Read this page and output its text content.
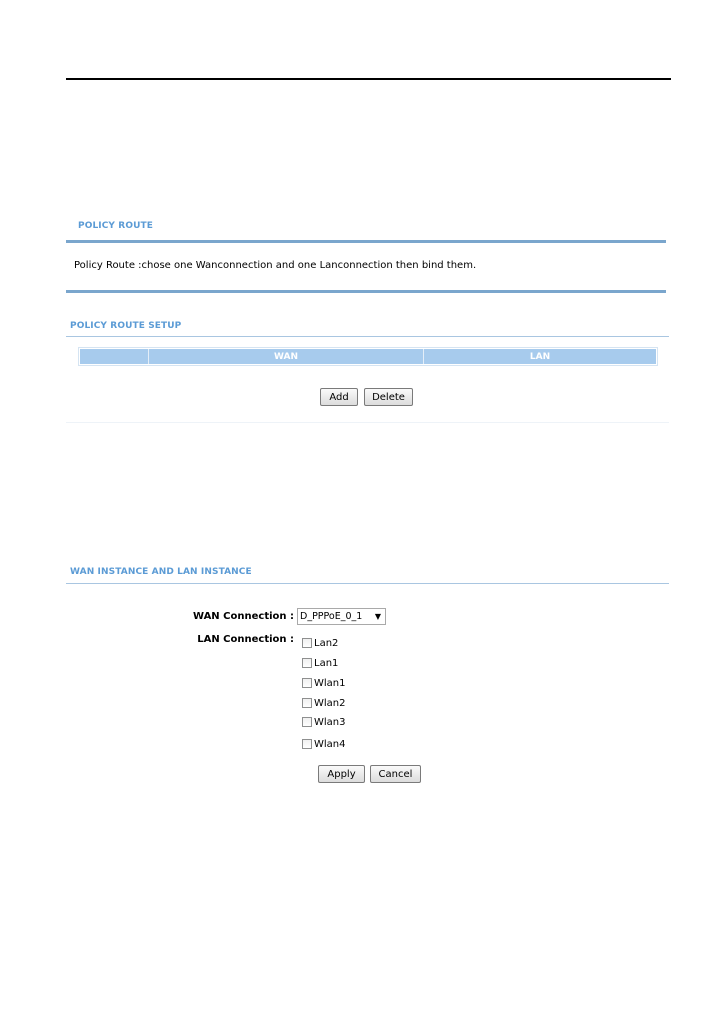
POLICY ROUTE
Policy Route :chose one Wanconnection and one Lanconnection then bind them.
POLICY ROUTE SETUP
	WAN	LAN
Add	Delete
WAN INSTANCE AND LAN INSTANCE
WAN Connection : D_PPPoE_0_1 ▼
LAN Connection : Lan2
Lan1
Wlan1
Wlan2
Wlan3
Wlan4
Apply	Cancel
